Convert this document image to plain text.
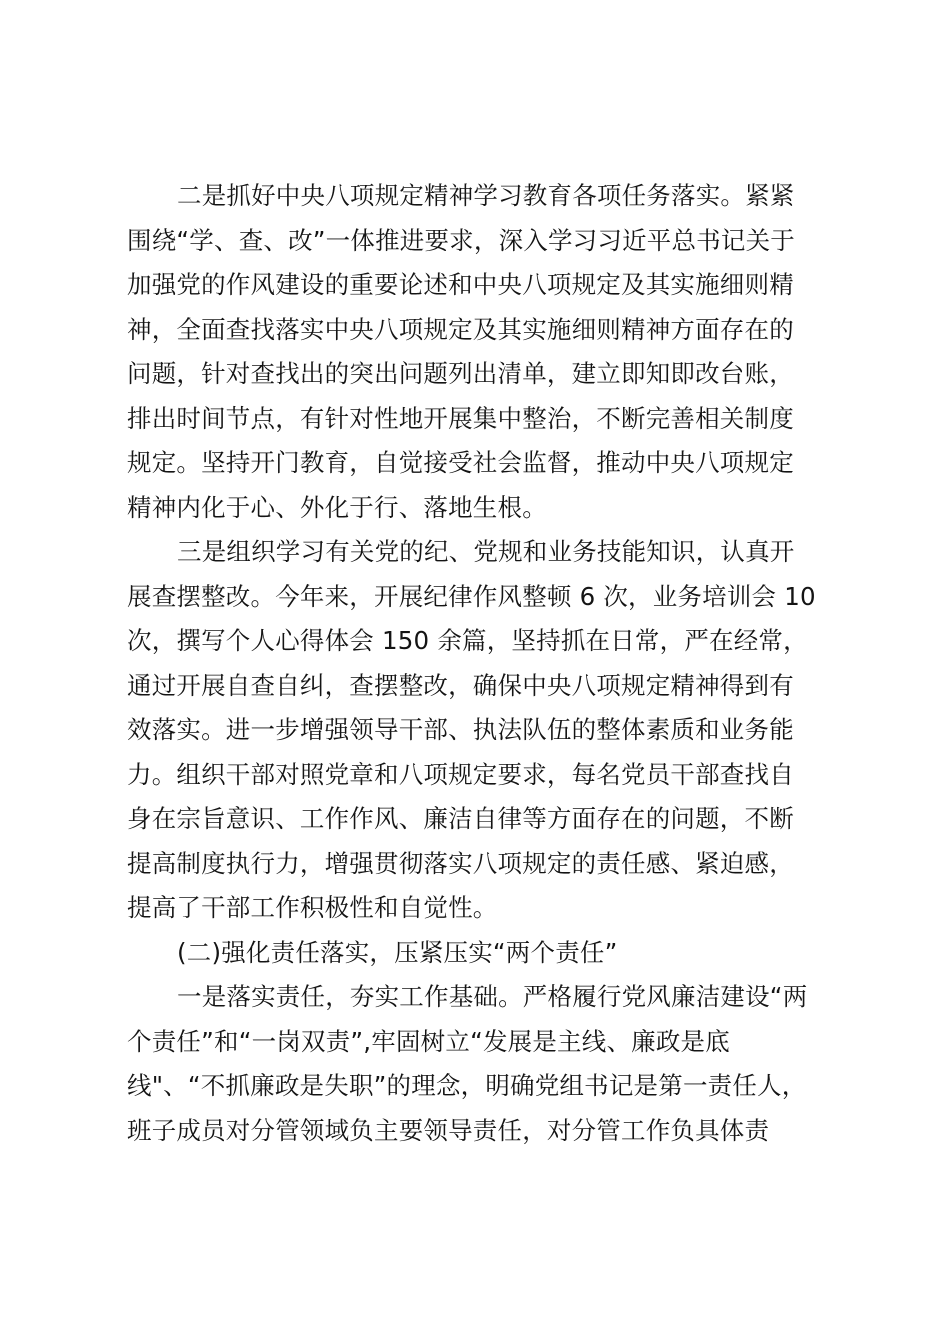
二是抓好中央八项规定精神学习教育各项任务落实。紧紧
围绕“学、查、改”一体推进要求，深入学习习近平总书记关于
加强党的作风建设的重要论述和中央八项规定及其实施细则精
神，全面查找落实中央八项规定及其实施细则精神方面存在的
问题，针对查找出的突出问题列出清单，建立即知即改台账，
排出时间节点，有针对性地开展集中整治，不断完善相关制度
规定。坚持开门教育，自觉接受社会监督，推动中央八项规定
精神内化于心、外化于行、落地生根。
三是组织学习有关党的纪、党规和业务技能知识，认真开
展查摆整改。今年来，开展纪律作风整顿 6 次，业务培训会 10
次，撰写个人心得体会 150 余篇，坚持抓在日常，严在经常，
通过开展自查自纠，查摆整改，确保中央八项规定精神得到有
效落实。进一步增强领导干部、执法队伍的整体素质和业务能
力。组织干部对照党章和八项规定要求，每名党员干部查找自
身在宗旨意识、工作作风、廉洁自律等方面存在的问题，不断
提高制度执行力，增强贯彻落实八项规定的责任感、紧迫感，
提高了干部工作积极性和自觉性。
(二)强化责任落实，压紧压实“两个责任”
一是落实责任，夯实工作基础。严格履行党风廉洁建设“两
个责任”和“一岗双责”,牢固树立“发展是主线、廉政是底
线"、“不抓廉政是失职”的理念，明确党组书记是第一责任人，
班子成员对分管领域负主要领导责任，对分管工作负具体责
